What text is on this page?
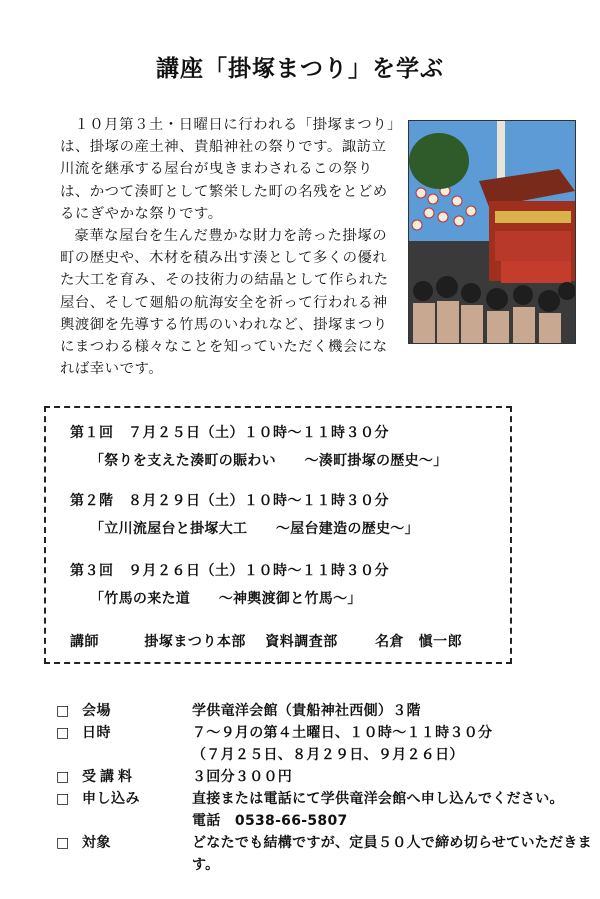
講座「掛塚まつり」を学ぶ

１０月第３土・日曜日に行われる「掛塚まつり」は、掛塚の産土神、貴船神社の祭りです。諏訪立川流を継承する屋台が曳きまわされるこの祭りは、かつて湊町として繁栄した町の名残をとどめるにぎやかな祭りです。

豪華な屋台を生んだ豊かな財力を誇った掛塚の町の歴史や、木材を積み出す湊として多くの優れた大工を育み、その技術力の結晶として作られた屋台、そして廻船の航海安全を祈って行われる神輿渡御を先導する竹馬のいわれなど、掛塚まつりにまつわる様々なことを知っていただく機会になれば幸いです。

第１回　７月２５日（土）１０時～１１時３０分
「祭りを支えた湊町の賑わい　　～湊町掛塚の歴史～」
第２階　８月２９日（土）１０時～１１時３０分
「立川流屋台と掛塚大工　　～屋台建造の歴史～」
第３回　９月２６日（土）１０時～１１時３０分
「竹馬の来た道　　～神輿渡御と竹馬～」
講師	掛塚まつり本部 資料調査部	名倉　愼一郎
□ 会場	学供竜洋会館（貴船神社西側）３階
□ 日時	７～９月の第４土曜日、１０時～１１時３０分
（７月２５日、８月２９日、９月２６日）
□ 受講料	３回分３００円
□ 申し込み	直接または電話にて学供竜洋会館へ申し込んでください。
電話　0538-66-5807
□ 対象	どなたでも結構ですが、定員５０人で締め切らせていただきます。
